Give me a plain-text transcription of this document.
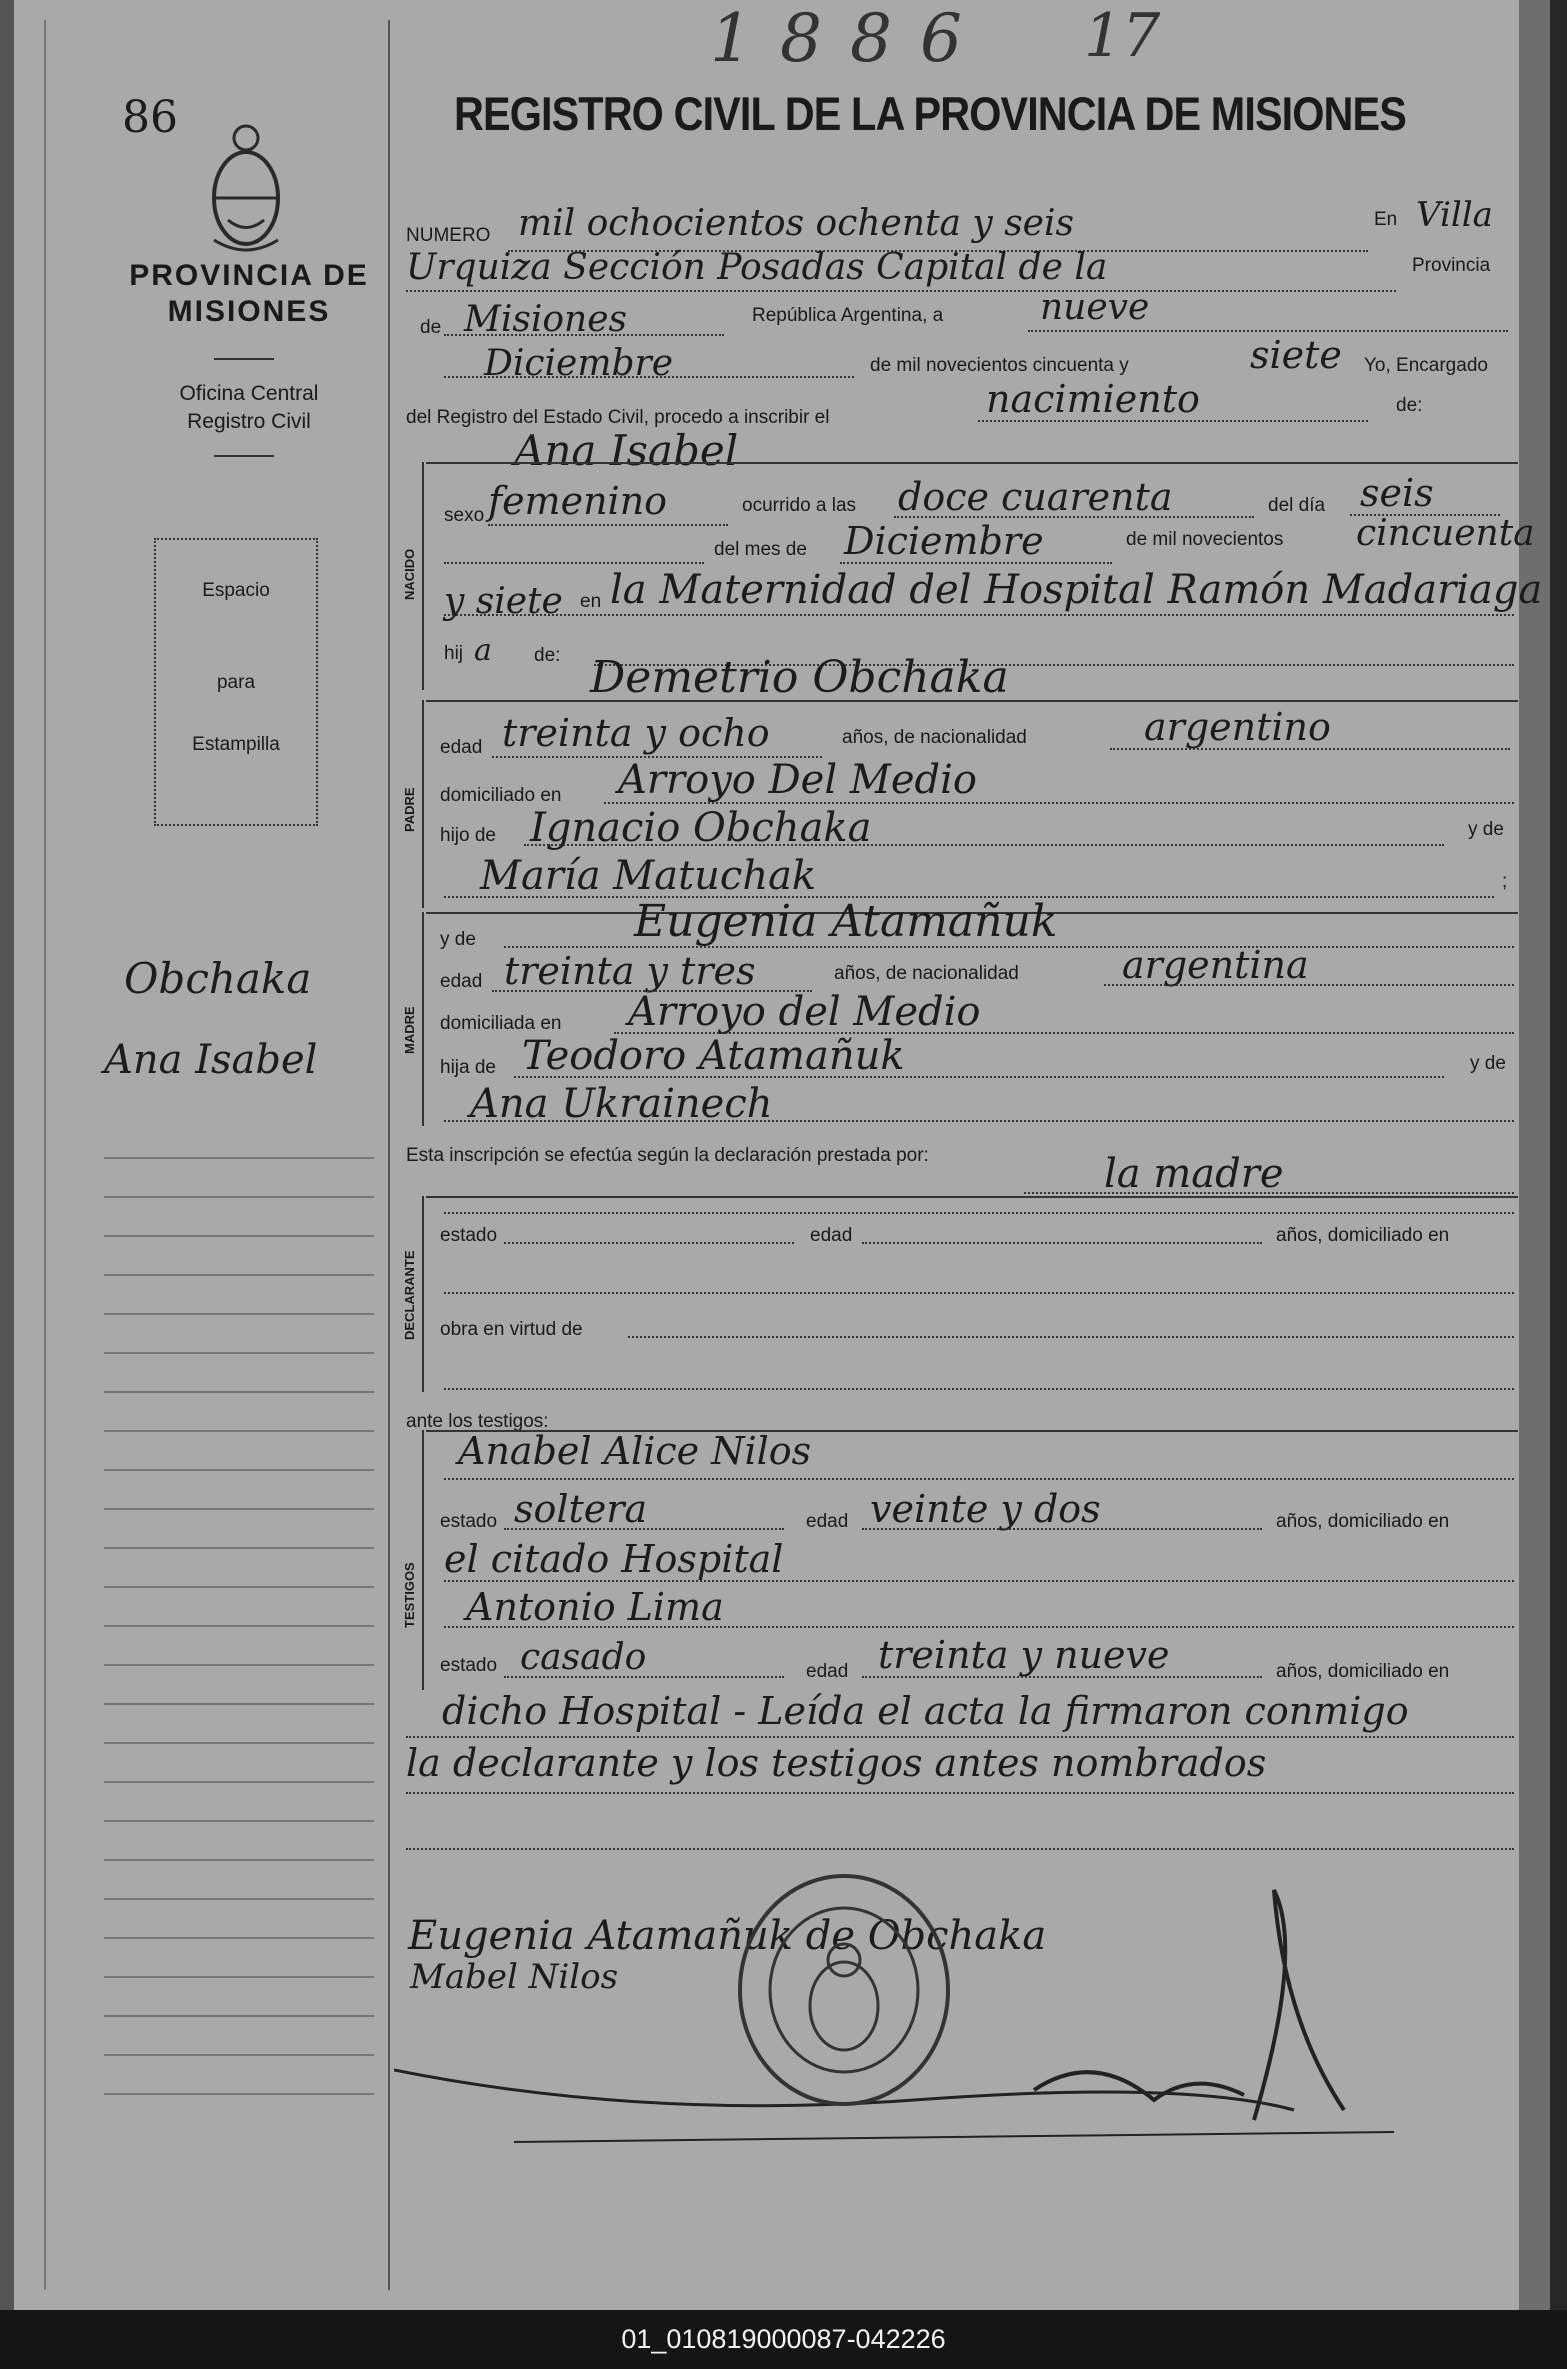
86
PROVINCIA DE
MISIONES
Oficina Central
Registro Civil
Espacio
para
Estampilla
Obchaka
Ana Isabel
1886 17
REGISTRO CIVIL DE LA PROVINCIA DE MISIONES
NUMERO mil ochocientos ochenta y seis	En Villa
Urquiza Sección Posadas Capital de la	Provincia
de Misiones	República Argentina, a	nueve
Diciembre	de mil novecientos cincuenta y	siete Yo, Encargado
del Registro del Estado Civil, procedo a inscribir el	nacimiento	de:
Ana Isabel
NACIDO
sexo femenino	ocurrido a las doce cuarenta	del día seis
del mes de Diciembre	de mil novecientos cincuenta
y siete en la Maternidad del Hospital Ramón Madariaga
hij a de: Demetrio Obchaka
PADRE
edad treinta y ocho	años, de nacionalidad	argentino
domiciliado en Arroyo Del Medio
hijo de Ignacio Obchaka	y de
María Matuchak	;
MADRE
y de	Eugenia Atamañuk
edad treinta y tres	años, de nacionalidad	argentina
domiciliada en Arroyo del Medio
hija de Teodoro Atamañuk	y de
Ana Ukrainech
Esta inscripción se efectúa según la declaración prestada por:	la madre
DECLARANTE
estado	edad	años, domiciliado en
obra en virtud de
ante los testigos:
TESTIGOS
Anabel Alice Nilos
estado soltera	edad veinte y dos	años, domiciliado en
el citado Hospital
Antonio Lima
estado casado	edad treinta y nueve	años, domiciliado en
dicho Hospital - Leída el acta la firmaron conmigo
la declarante y los testigos antes nombrados
Eugenia Atamañuk de Obchaka
Mabel Nilos
01_010819000087-042226
